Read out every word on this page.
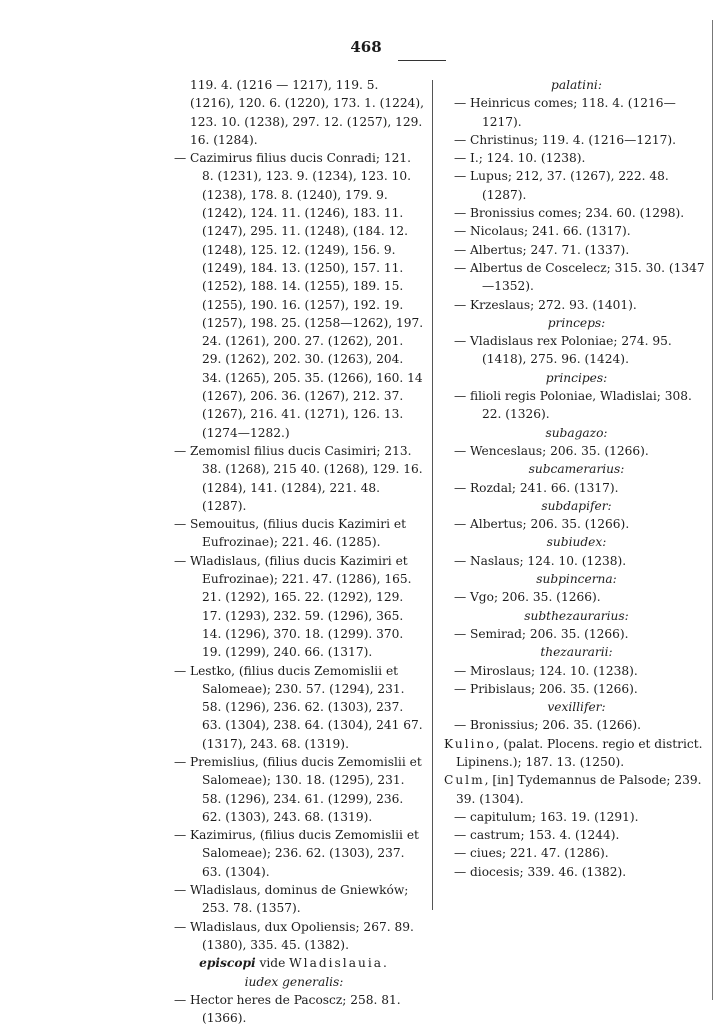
468
119. 4. (1216 — 1217), 119. 5. (1216), 120. 6. (1220), 173. 1. (1224), 123. 10. (1238), 297. 12. (1257), 129. 16. (1284).
— Cazimirus filius ducis Conradi; 121. 8. (1231), 123. 9. (1234), 123. 10. (1238), 178. 8. (1240), 179. 9. (1242), 124. 11. (1246), 183. 11. (1247), 295. 11. (1248), (184. 12. (1248), 125. 12. (1249), 156. 9. (1249), 184. 13. (1250), 157. 11. (1252), 188. 14. (1255), 189. 15. (1255), 190. 16. (1257), 192. 19. (1257), 198. 25. (1258—1262), 197. 24. (1261), 200. 27. (1262), 201. 29. (1262), 202. 30. (1263), 204. 34. (1265), 205. 35. (1266), 160. 14 (1267), 206. 36. (1267), 212. 37. (1267), 216. 41. (1271), 126. 13. (1274—1282.)
— Zemomisl filius ducis Casimiri; 213. 38. (1268), 215 40. (1268), 129. 16. (1284), 141. (1284), 221. 48. (1287).
— Semouitus, (filius ducis Kazimiri et Eufrozinae); 221. 46. (1285).
— Wladislaus, (filius ducis Kazimiri et Eufrozinae); 221. 47. (1286), 165. 21. (1292), 165. 22. (1292), 129. 17. (1293), 232. 59. (1296), 365. 14. (1296), 370. 18. (1299). 370. 19. (1299), 240. 66. (1317).
— Lestko, (filius ducis Zemomislii et Salomeae); 230. 57. (1294), 231. 58. (1296), 236. 62. (1303), 237. 63. (1304), 238. 64. (1304), 241 67. (1317), 243. 68. (1319).
— Premislius, (filius ducis Zemomislii et Salomeae); 130. 18. (1295), 231. 58. (1296), 234. 61. (1299), 236. 62. (1303), 243. 68. (1319).
— Kazimirus, (filius ducis Zemomislii et Salomeae); 236. 62. (1303), 237. 63. (1304).
— Wladislaus, dominus de Gniewków; 253. 78. (1357).
— Wladislaus, dux Opoliensis; 267. 89. (1380), 335. 45. (1382).
episcopi vide Wladislauia.
iudex generalis:
— Hector heres de Pacoscz; 258. 81. (1366).
palatini:
— Heinricus comes; 118. 4. (1216—1217).
— Christinus; 119. 4. (1216—1217).
— I.; 124. 10. (1238).
— Lupus; 212, 37. (1267), 222. 48. (1287).
— Bronissius comes; 234. 60. (1298).
— Nicolaus; 241. 66. (1317).
— Albertus; 247. 71. (1337).
— Albertus de Coscelecz; 315. 30. (1347—1352).
— Krzeslaus; 272. 93. (1401).
princeps:
— Vladislaus rex Poloniae; 274. 95. (1418), 275. 96. (1424).
principes:
— filioli regis Poloniae, Wladislai; 308. 22. (1326).
subagazo:
— Wenceslaus; 206. 35. (1266).
subcamerarius:
— Rozdal; 241. 66. (1317).
subdapifer:
— Albertus; 206. 35. (1266).
subiudex:
— Naslaus; 124. 10. (1238).
subpincerna:
— Vgo; 206. 35. (1266).
subthezaurarius:
— Semirad; 206. 35. (1266).
thezaurarii:
— Miroslaus; 124. 10. (1238).
— Pribislaus; 206. 35. (1266).
vexillifer:
— Bronissius; 206. 35. (1266).
Kulino, (palat. Plocens. regio et district. Lipinens.); 187. 13. (1250).
Culm, [in] Tydemannus de Palsode; 239. 39. (1304).
— capitulum; 163. 19. (1291).
— castrum; 153. 4. (1244).
— ciues; 221. 47. (1286).
— diocesis; 339. 46. (1382).
